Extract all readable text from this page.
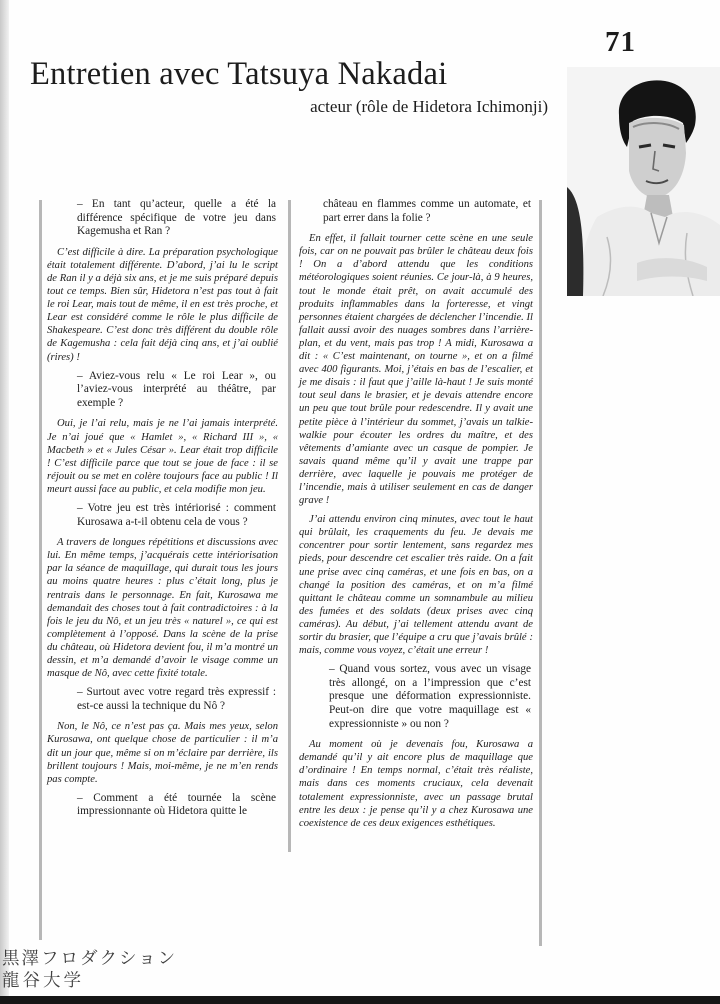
71
Entretien avec Tatsuya Nakadai
acteur (rôle de Hidetora Ichimonji)

– En tant qu’acteur, quelle a été la différence spécifique de votre jeu dans Kagemusha et Ran ?

C’est difficile à dire. La préparation psychologique était totalement différente. D’abord, j’ai lu le script de Ran il y a déjà six ans, et je me suis préparé depuis tout ce temps. Bien sûr, Hidetora n’est pas tout à fait le roi Lear, mais tout de même, il en est très proche, et Lear est considéré comme le rôle le plus difficile de Shakespeare. C’est donc très différent du double rôle de Kagemusha : cela fait déjà cinq ans, et j’ai oublié (rires) !

– Aviez-vous relu « Le roi Lear », ou l’aviez-vous interprété au théâtre, par exemple ?

Oui, je l’ai relu, mais je ne l’ai jamais interprété. Je n’ai joué que « Hamlet », « Richard III », « Macbeth » et « Jules César ». Lear était trop difficile ! C’est difficile parce que tout se joue de face : il se réjouit ou se met en colère toujours face au public ! Il meurt aussi face au public, et cela modifie mon jeu.

– Votre jeu est très intériorisé : comment Kurosawa a-t-il obtenu cela de vous ?

A travers de longues répétitions et discussions avec lui. En même temps, j’acquérais cette intériorisation par la séance de maquillage, qui durait tous les jours au moins quatre heures : plus c’était long, plus je rentrais dans le personnage. En fait, Kurosawa me demandait des choses tout à fait contradictoires : à la fois le jeu du Nô, et un jeu très « naturel », ce qui est complètement à l’opposé. Dans la scène de la prise du château, où Hidetora devient fou, il m’a montré un dessin, et m’a demandé d’avoir le visage comme un masque de Nô, avec cette fixité totale.

– Surtout avec votre regard très expressif : est-ce aussi la technique du Nô ?

Non, le Nô, ce n’est pas ça. Mais mes yeux, selon Kurosawa, ont quelque chose de particulier : il m’a dit un jour que, même si on m’éclaire par derrière, ils brillent toujours ! Mais, moi-même, je ne m’en rends pas compte.

– Comment a été tournée la scène impressionnante où Hidetora quitte le

château en flammes comme un automate, et part errer dans la folie ?

En effet, il fallait tourner cette scène en une seule fois, car on ne pouvait pas brûler le château deux fois ! On a d’abord attendu que les conditions météorologiques soient réunies. Ce jour-là, à 9 heures, tout le monde était prêt, on avait accumulé des produits inflammables dans la forteresse, et vingt personnes étaient chargées de déclencher l’incendie. Il fallait aussi avoir des nuages sombres dans l’arrière-plan, et du vent, mais pas trop ! A midi, Kurosawa a dit : « C’est maintenant, on tourne », et on a filmé avec 400 figurants. Moi, j’étais en bas de l’escalier, et je me disais : il faut que j’aille là-haut ! Je suis monté tout seul dans le brasier, et je devais attendre encore un peu que tout brûle pour redescendre. Il y avait une petite pièce à l’intérieur du sommet, j’avais un talkie-walkie pour écouter les ordres du maître, et des vêtements d’amiante avec un casque de pompier. Je savais quand même qu’il y avait une trappe par derrière, avec laquelle je pouvais me protéger de l’incendie, mais à utiliser seulement en cas de danger grave !

J’ai attendu environ cinq minutes, avec tout le haut qui brûlait, les craquements du feu. Je devais me concentrer pour sortir lentement, sans regardez mes pieds, pour descendre cet escalier très raide. On a fait une prise avec cinq caméras, et une fois en bas, on a changé la position des caméras, et on m’a filmé quittant le château comme un somnambule au milieu des fumées et des soldats (deux prises avec cinq caméras). Au début, j’ai tellement attendu avant de sortir du brasier, que l’équipe a cru que j’avais brûlé : mais, comme vous voyez, c’était une erreur !

– Quand vous sortez, vous avec un visage très allongé, on a l’impression que c’est presque une déformation expressionniste. Peut-on dire que votre maquillage est « expressionniste » ou non ?

Au moment où je devenais fou, Kurosawa a demandé qu’il y ait encore plus de maquillage que d’ordinaire ! En temps normal, c’était très réaliste, mais dans ces moments cruciaux, cela devenait totalement expressionniste, avec un passage brutal entre les deux : je pense qu’il y a chez Kurosawa une coexistence de ces deux exigences esthétiques.

黒澤フロダクション
龍谷大学
